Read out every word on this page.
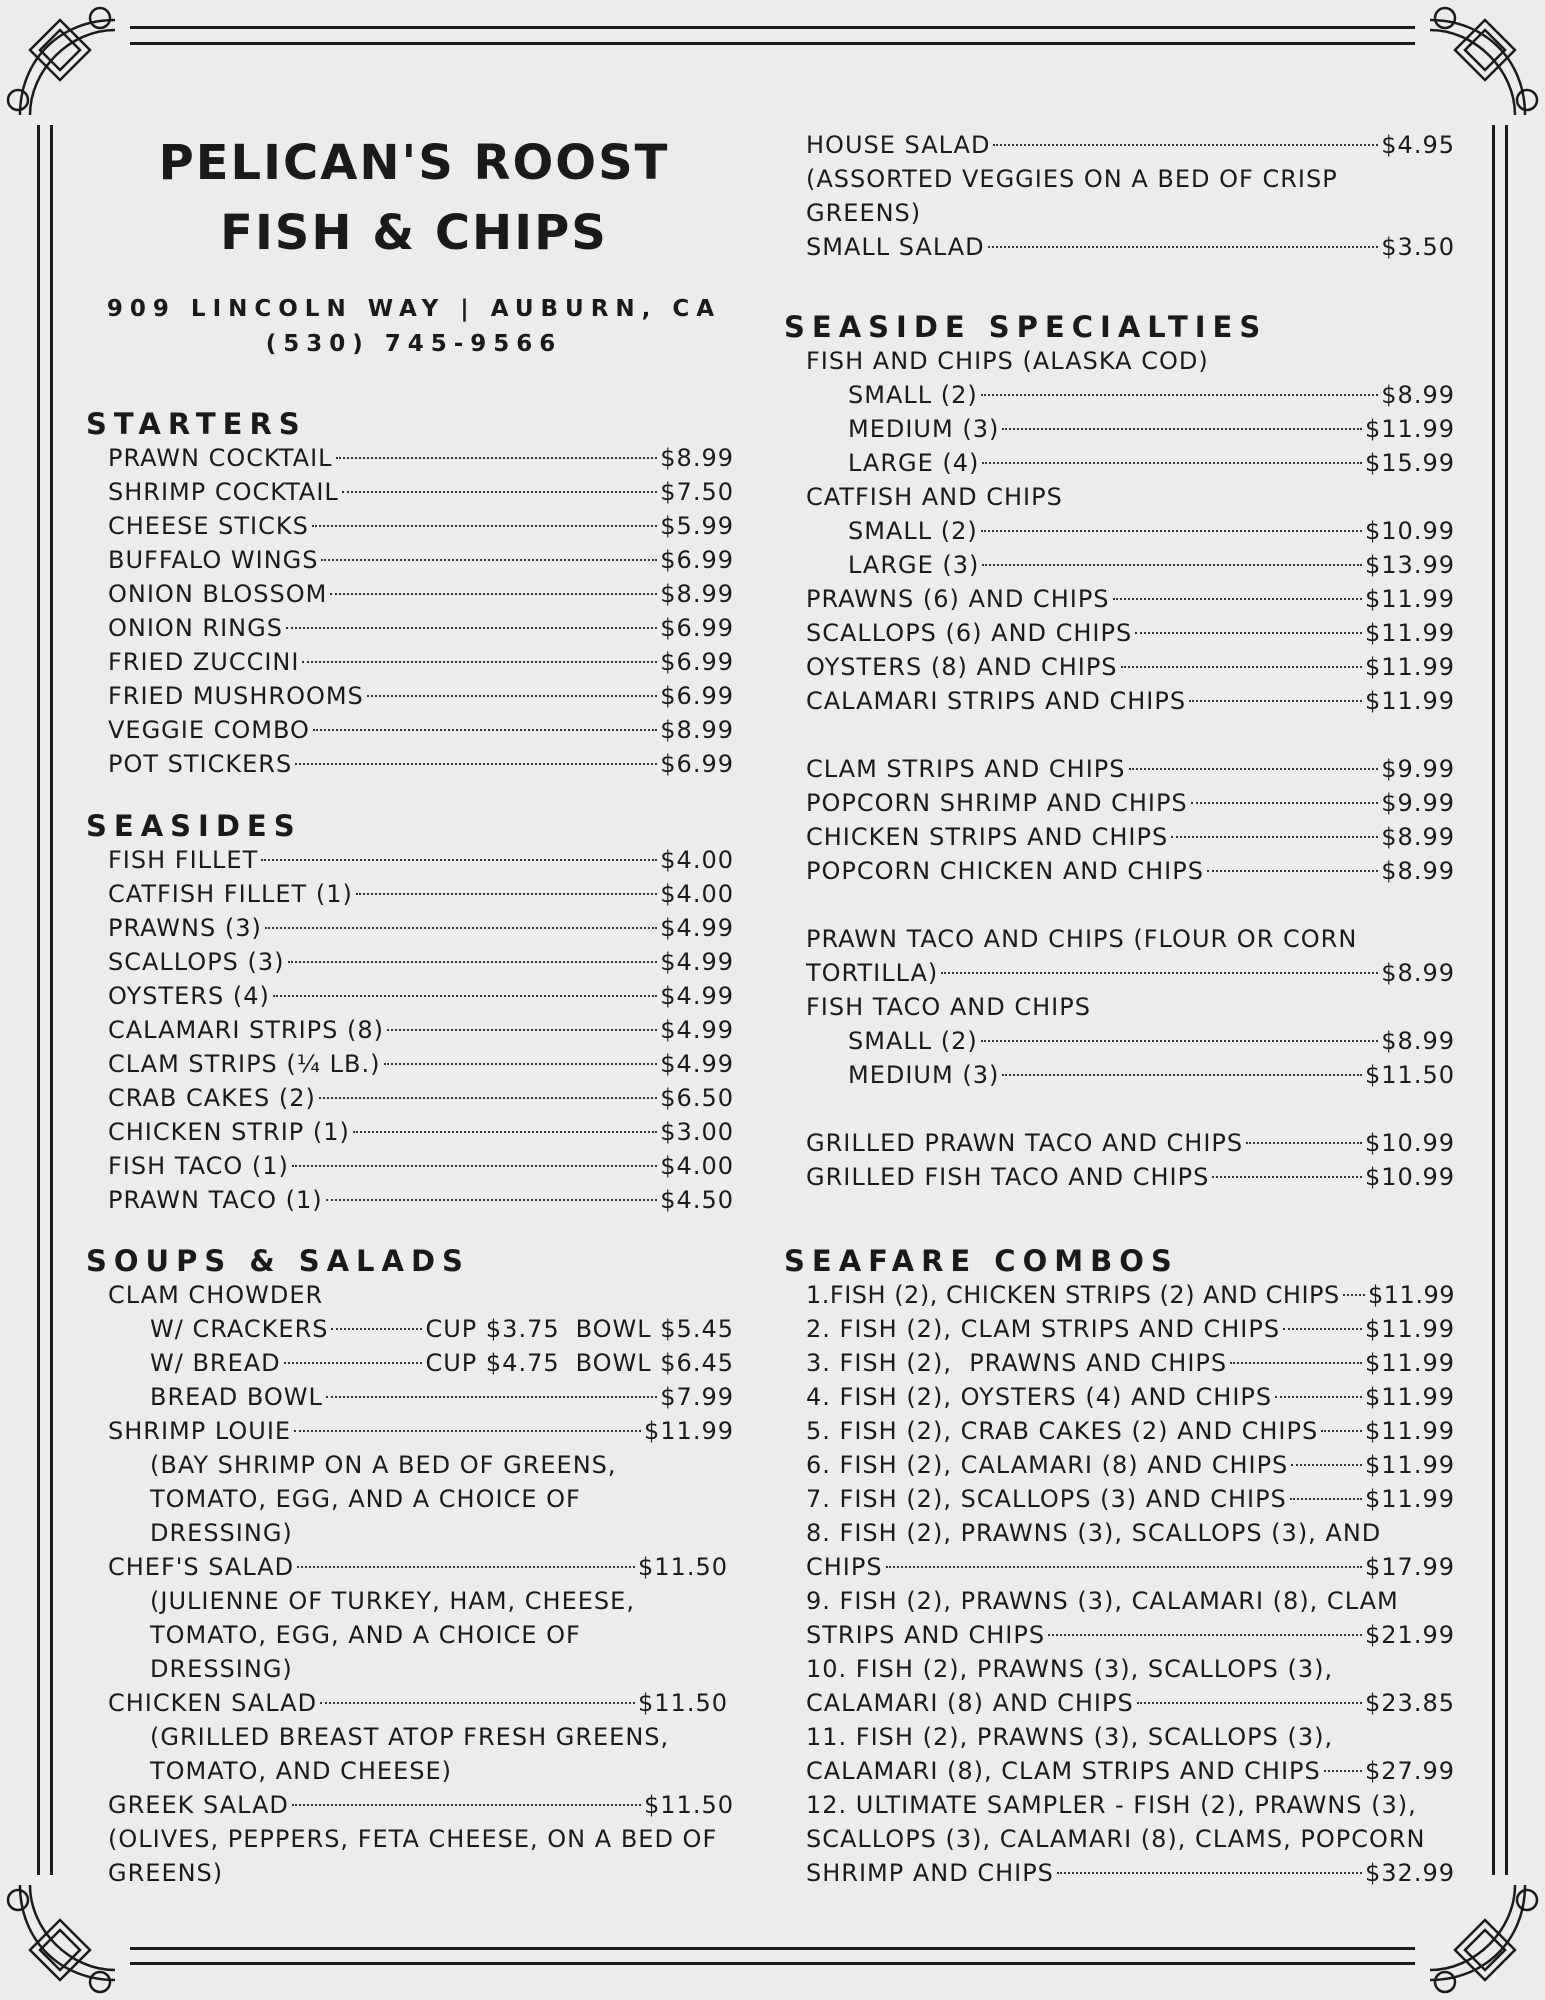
PELICAN'S ROOST
FISH & CHIPS
909 LINCOLN WAY | AUBURN, CA
(530) 745-9566
STARTERS
PRAWN COCKTAIL	$8.99
SHRIMP COCKTAIL	$7.50
CHEESE STICKS	$5.99
BUFFALO WINGS	$6.99
ONION BLOSSOM	$8.99
ONION RINGS	$6.99
FRIED ZUCCINI	$6.99
FRIED MUSHROOMS	$6.99
VEGGIE COMBO	$8.99
POT STICKERS	$6.99
SEASIDES
FISH FILLET	$4.00
CATFISH FILLET (1)	$4.00
PRAWNS (3)	$4.99
SCALLOPS (3)	$4.99
OYSTERS (4)	$4.99
CALAMARI STRIPS (8)	$4.99
CLAM STRIPS (¼ LB.)	$4.99
CRAB CAKES (2)	$6.50
CHICKEN STRIP (1)	$3.00
FISH TACO (1)	$4.00
PRAWN TACO (1)	$4.50
SOUPS & SALADS
CLAM CHOWDER
W/ CRACKERS	CUP $3.75 BOWL $5.45
W/ BREAD	CUP $4.75 BOWL $6.45
BREAD BOWL	$7.99
SHRIMP LOUIE	$11.99
(BAY SHRIMP ON A BED OF GREENS,
TOMATO, EGG, AND A CHOICE OF
DRESSING)
CHEF'S SALAD	$11.50
(JULIENNE OF TURKEY, HAM, CHEESE,
TOMATO, EGG, AND A CHOICE OF
DRESSING)
CHICKEN SALAD	$11.50
(GRILLED BREAST ATOP FRESH GREENS,
TOMATO, AND CHEESE)
GREEK SALAD	$11.50
(OLIVES, PEPPERS, FETA CHEESE, ON A BED OF
GREENS)
HOUSE SALAD	$4.95
(ASSORTED VEGGIES ON A BED OF CRISP
GREENS)
SMALL SALAD	$3.50
SEASIDE SPECIALTIES
FISH AND CHIPS (ALASKA COD)
SMALL (2)	$8.99
MEDIUM (3)	$11.99
LARGE (4)	$15.99
CATFISH AND CHIPS
SMALL (2)	$10.99
LARGE (3)	$13.99
PRAWNS (6) AND CHIPS	$11.99
SCALLOPS (6) AND CHIPS	$11.99
OYSTERS (8) AND CHIPS	$11.99
CALAMARI STRIPS AND CHIPS	$11.99
CLAM STRIPS AND CHIPS	$9.99
POPCORN SHRIMP AND CHIPS	$9.99
CHICKEN STRIPS AND CHIPS	$8.99
POPCORN CHICKEN AND CHIPS	$8.99
PRAWN TACO AND CHIPS (FLOUR OR CORN
TORTILLA)	$8.99
FISH TACO AND CHIPS
SMALL (2)	$8.99
MEDIUM (3)	$11.50
GRILLED PRAWN TACO AND CHIPS	$10.99
GRILLED FISH TACO AND CHIPS	$10.99
SEAFARE COMBOS
1.FISH (2), CHICKEN STRIPS (2) AND CHIPS $11.99
2. FISH (2), CLAM STRIPS AND CHIPS	$11.99
3. FISH (2),  PRAWNS AND CHIPS	$11.99
4. FISH (2), OYSTERS (4) AND CHIPS	$11.99
5. FISH (2), CRAB CAKES (2) AND CHIPS $11.99
6. FISH (2), CALAMARI (8) AND CHIPS	$11.99
7. FISH (2), SCALLOPS (3) AND CHIPS	$11.99
8. FISH (2), PRAWNS (3), SCALLOPS (3), AND
CHIPS	$17.99
9. FISH (2), PRAWNS (3), CALAMARI (8), CLAM
STRIPS AND CHIPS	$21.99
10. FISH (2), PRAWNS (3), SCALLOPS (3),
CALAMARI (8) AND CHIPS	$23.85
11. FISH (2), PRAWNS (3), SCALLOPS (3),
CALAMARI (8), CLAM STRIPS AND CHIPS $27.99
12. ULTIMATE SAMPLER - FISH (2), PRAWNS (3),
SCALLOPS (3), CALAMARI (8), CLAMS, POPCORN
SHRIMP AND CHIPS	$32.99
